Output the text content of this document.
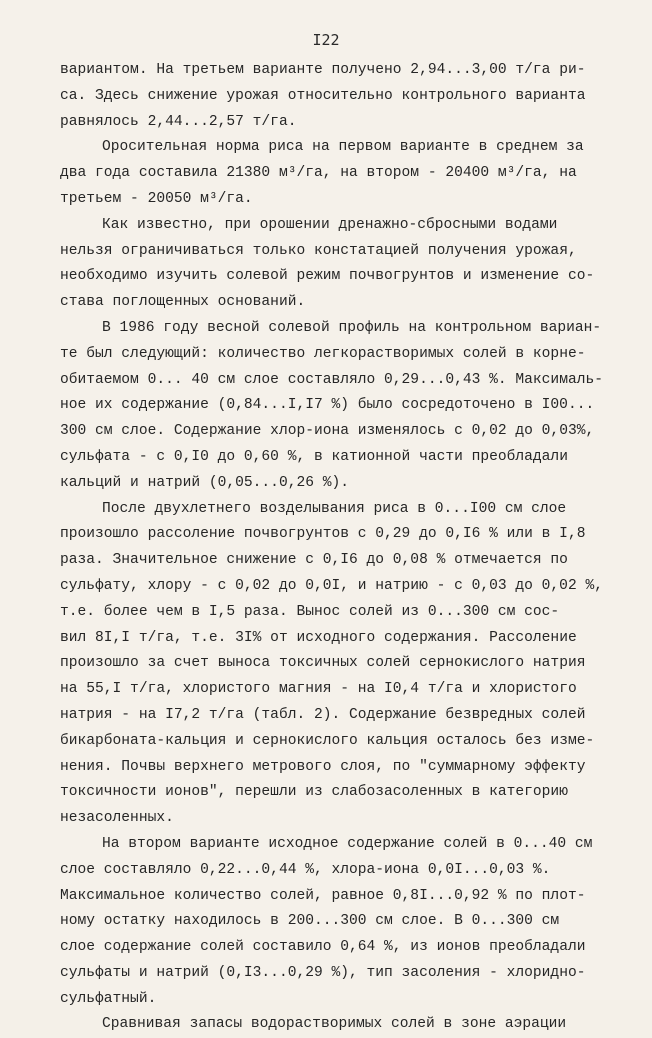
I22
вариантом. На третьем варианте получено 2,94...3,00 т/га ри-
са. Здесь снижение урожая относительно контрольного варианта
равнялось 2,44...2,57 т/га.
Оросительная норма риса на первом варианте в среднем за
два года составила 21380 м³/га, на втором - 20400 м³/га, на
третьем - 20050 м³/га.
Как известно, при орошении дренажно-сбросными водами
нельзя ограничиваться только констатацией получения урожая,
необходимо изучить солевой режим почвогрунтов и изменение со-
става поглощенных оснований.
В 1986 году весной солевой профиль на контрольном вариан-
те был следующий: количество легкорастворимых солей в корне-
обитаемом 0... 40 см слое составляло 0,29...0,43 %. Максималь-
ное их содержание (0,84...I,I7 %) было сосредоточено в I00...
300 см слое. Содержание хлор-иона изменялось с 0,02 до 0,03%,
сульфата - с 0,I0 до 0,60 %, в катионной части преобладали
кальций и натрий (0,05...0,26 %).
После двухлетнего возделывания риса в 0...I00 см слое
произошло рассоление почвогрунтов с 0,29 до 0,I6 % или в I,8
раза. Значительное снижение с 0,I6 до 0,08 % отмечается по
сульфату, хлору - с 0,02 до 0,0I, и натрию - с 0,03 до 0,02 %,
т.е. более чем в I,5 раза. Вынос солей из 0...300 см сос-
вил 8I,I т/га, т.е. 3I% от исходного содержания. Рассоление
произошло за счет выноса токсичных солей сернокислого натрия
на 55,I т/га, хлористого магния - на I0,4 т/га и хлористого
натрия - на I7,2 т/га (табл. 2). Содержание безвредных солей
бикарбоната-кальция и сернокислого кальция осталось без изме-
нения. Почвы верхнего метрового слоя, по "суммарному эффекту
токсичности ионов", перешли из слабозасоленных в категорию
незасоленных.
На втором варианте исходное содержание солей в 0...40 см
слое составляло 0,22...0,44 %, хлора-иона 0,0I...0,03 %.
Максимальное количество солей, равное 0,8I...0,92 % по плот-
ному остатку находилось в 200...300 см слое. В 0...300 см
слое содержание солей составило 0,64 %, из ионов преобладали
сульфаты и натрий (0,I3...0,29 %), тип засоления - хлоридно-
сульфатный.
Сравнивая запасы водорастворимых солей в зоне аэрации
